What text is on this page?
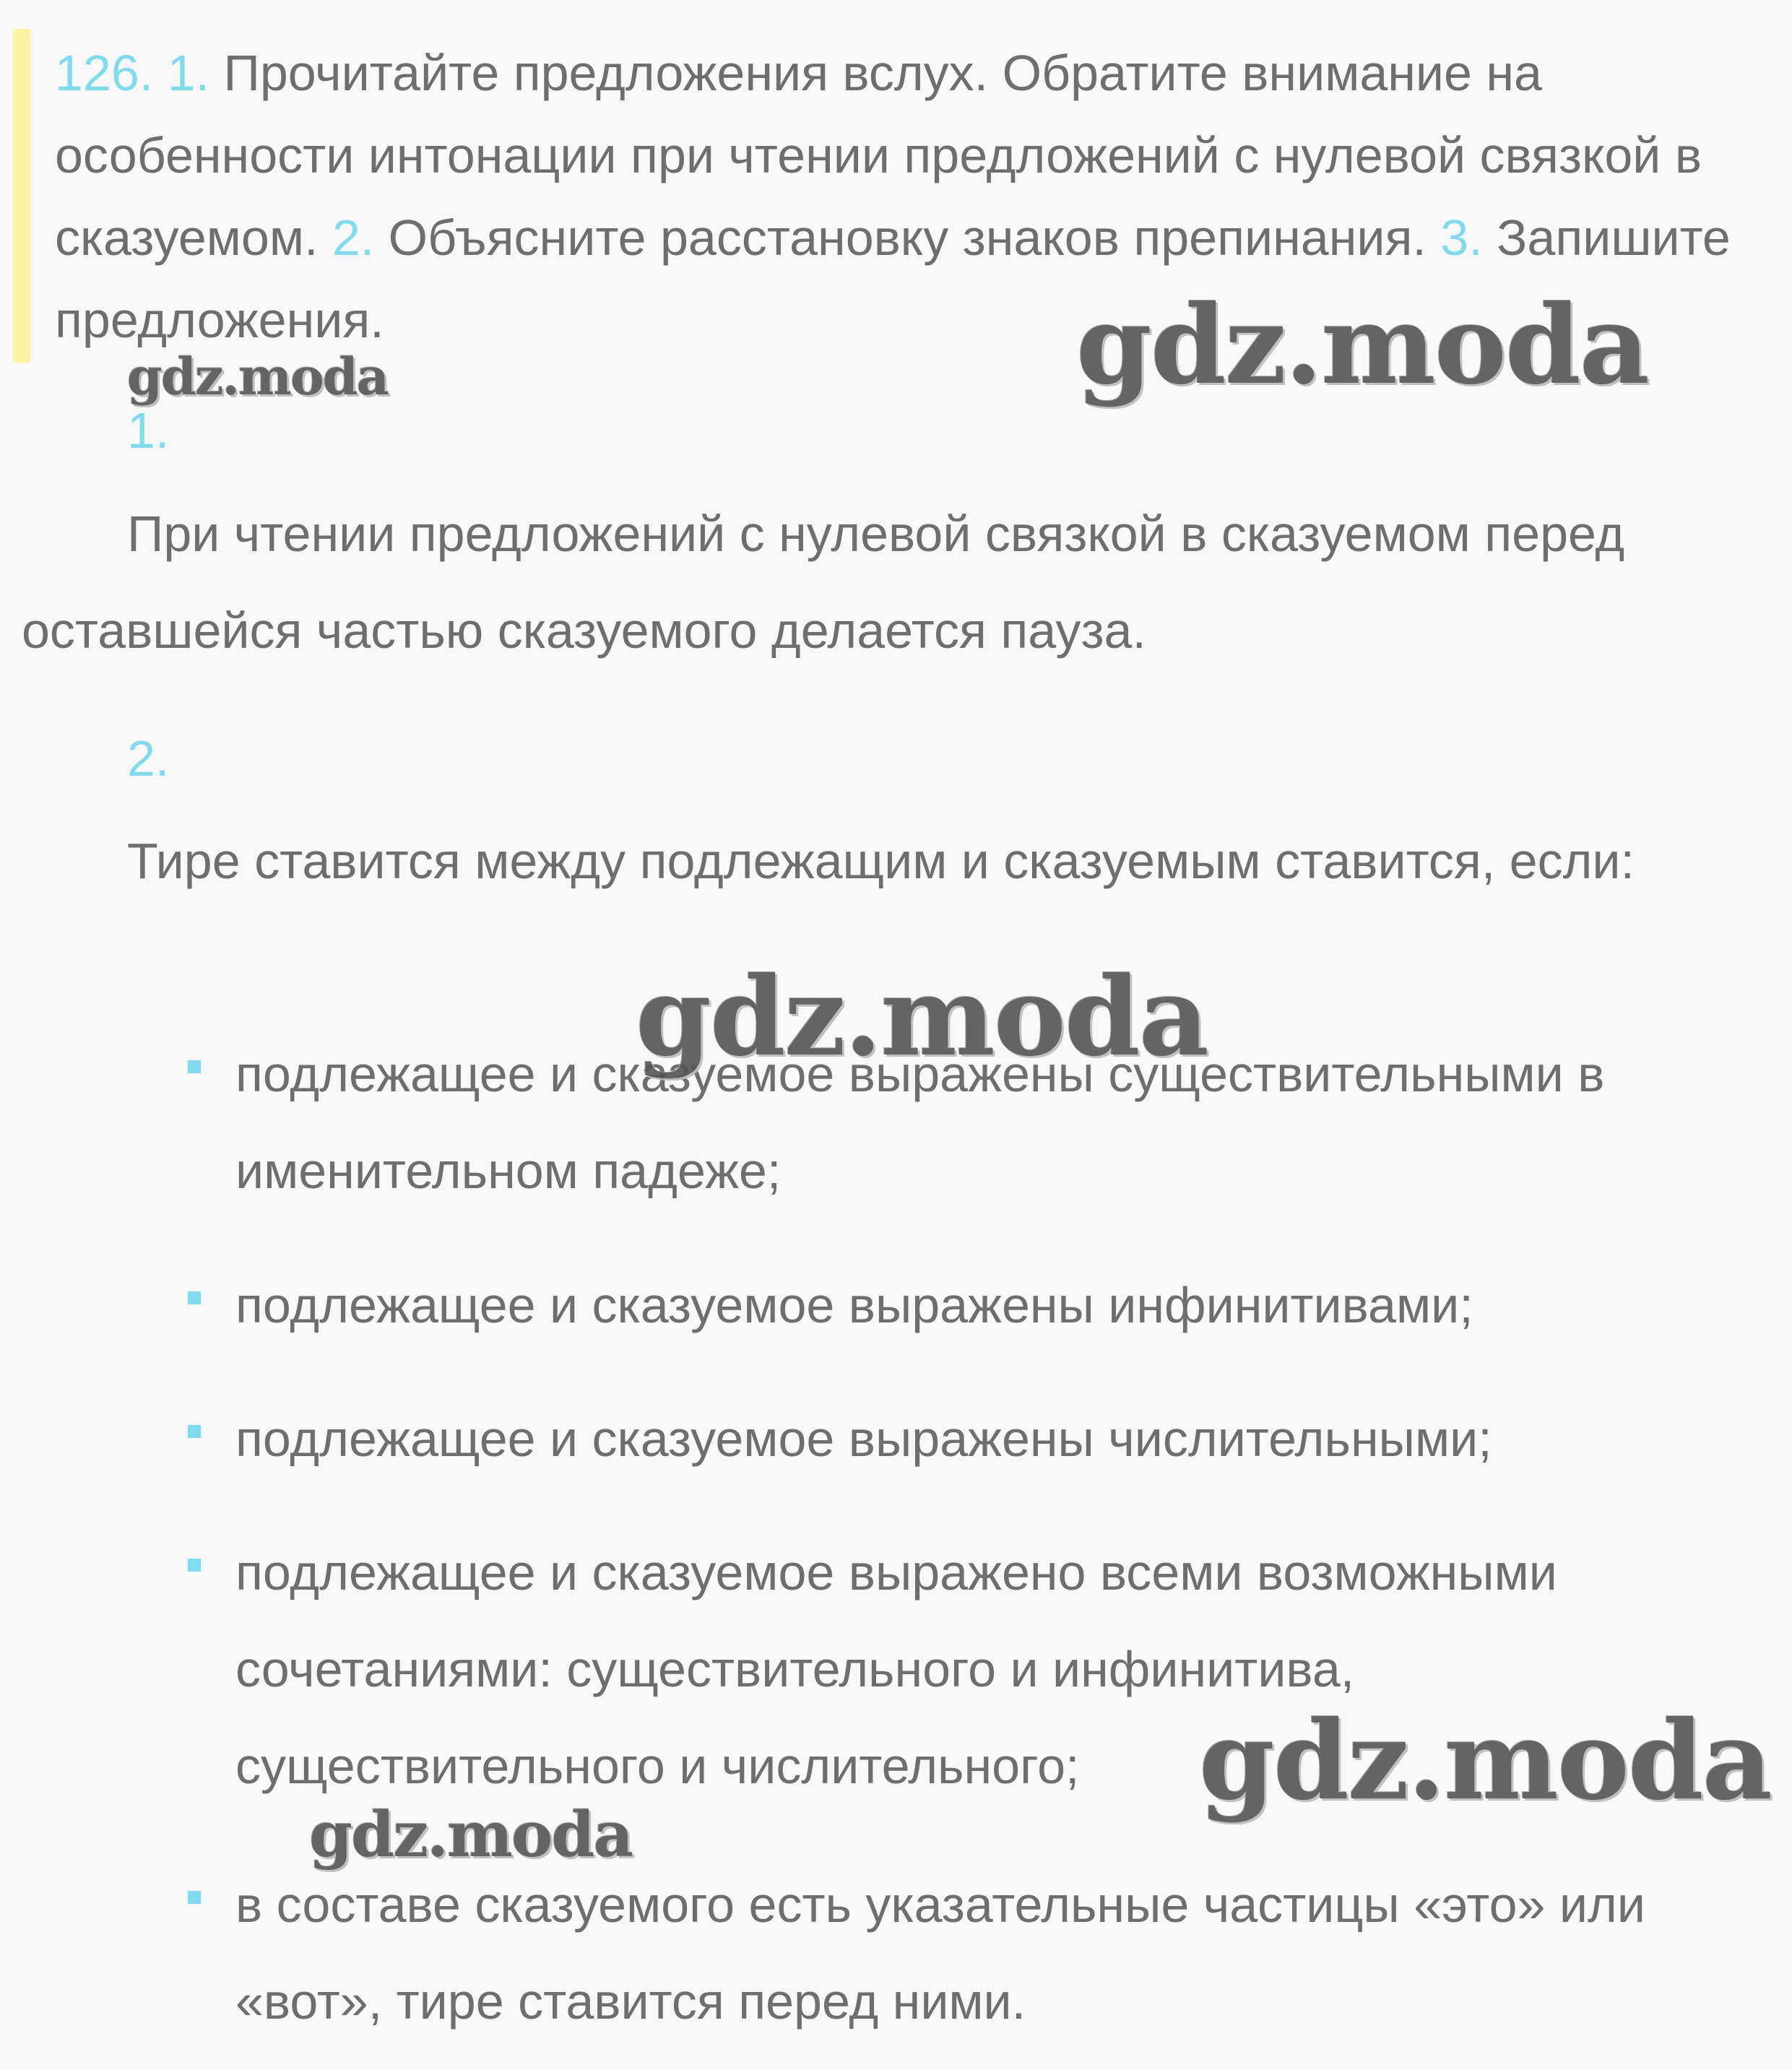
126. 1. Прочитайте предложения вслух. Обратите внимание на особенности интонации при чтении предложений с нулевой связкой в сказуемом. 2. Объясните расстановку знаков препинания. 3. Запишите предложения.
1.
При чтении предложений с нулевой связкой в сказуемом перед оставшейся частью сказуемого делается пауза.
2.
Тире ставится между подлежащим и сказуемым ставится, если:
подлежащее и сказуемое выражены существительными в именительном падеже;
подлежащее и сказуемое выражены инфинитивами;
подлежащее и сказуемое выражены числительными;
подлежащее и сказуемое выражено всеми возможными сочетаниями: существительного и инфинитива, существительного и числительного;
в составе сказуемого есть указательные частицы «это» или «вот», тире ставится перед ними.
gdz.moda
gdz.moda
gdz.moda
gdz.moda
gdz.moda
